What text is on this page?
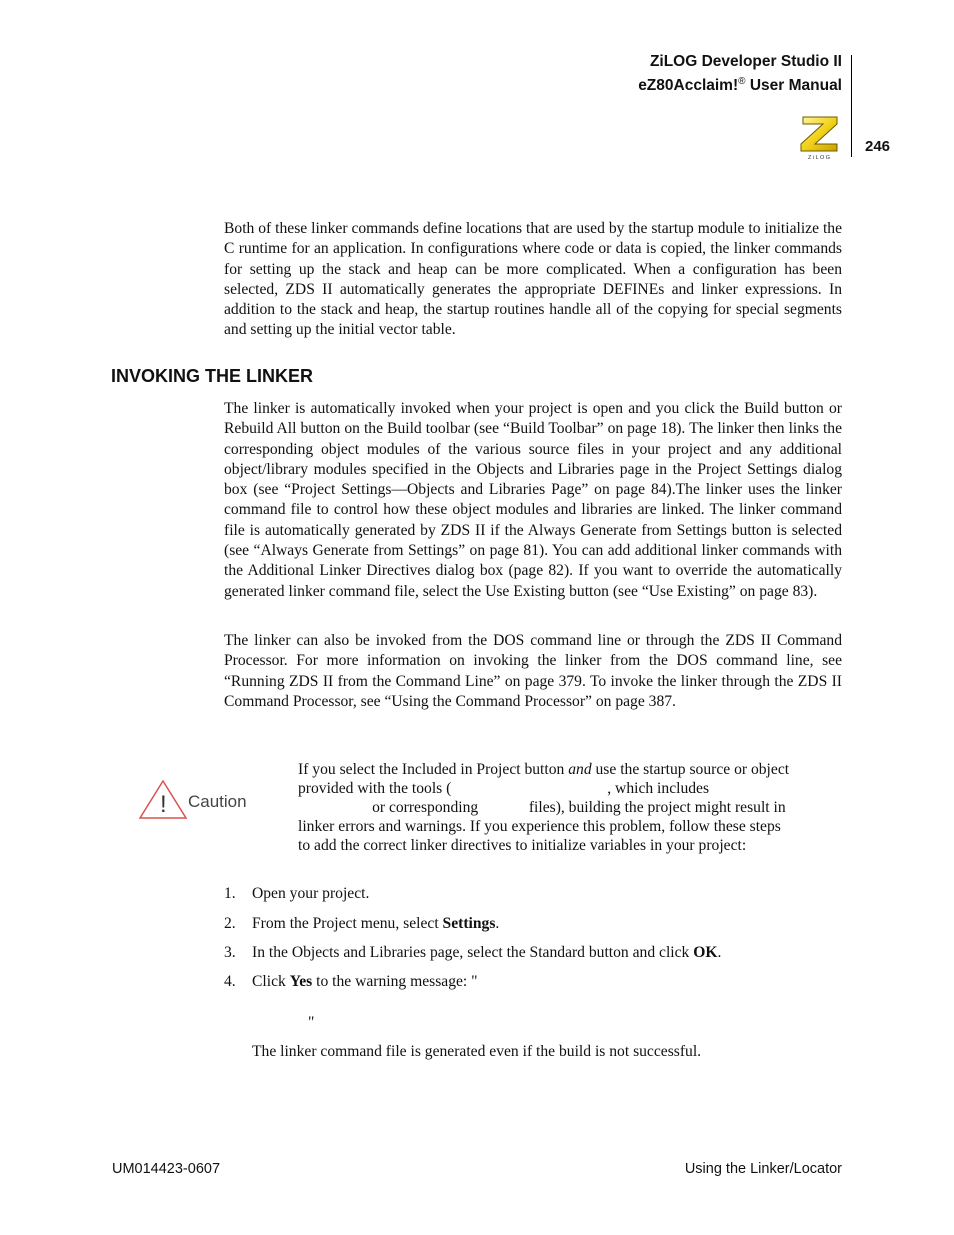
ZiLOG Developer Studio II
eZ80Acclaim!® User Manual
246
Z i L O G
Both of these linker commands define locations that are used by the startup module to initialize the C runtime for an application. In configurations where code or data is copied, the linker commands for setting up the stack and heap can be more complicated. When a configuration has been selected, ZDS II automatically generates the appropriate DEFINEs and linker expressions. In addition to the stack and heap, the startup routines handle all of the copying for special segments and setting up the initial vector table.
INVOKING THE LINKER
The linker is automatically invoked when your project is open and you click the Build button or Rebuild All button on the Build toolbar (see “Build Toolbar” on page 18). The linker then links the corresponding object modules of the various source files in your project and any additional object/library modules specified in the Objects and Libraries page in the Project Settings dialog box (see “Project Settings—Objects and Libraries Page” on page 84).The linker uses the linker command file to control how these object modules and libraries are linked. The linker command file is automatically generated by ZDS II if the Always Generate from Settings button is selected (see “Always Generate from Settings” on page 81). You can add additional linker commands with the Additional Linker Directives dialog box (page 82). If you want to override the automatically generated linker command file, select the Use Existing button (see “Use Existing” on page 83).
The linker can also be invoked from the DOS command line or through the ZDS II Command Processor. For more information on invoking the linker from the DOS command line, see “Running ZDS II from the Command Line” on page 379. To invoke the linker through the ZDS II Command Processor, see “Using the Command Processor” on page 387.
! Caution
If you select the Included in Project button and use the startup source or object
provided with the tools (                                        , which includes
or corresponding             files), building the project might result in
linker errors and warnings. If you experience this problem, follow these steps
to add the correct linker directives to initialize variables in your project:
1. Open your project.
2. From the Project menu, select Settings.
3. In the Objects and Libraries page, select the Standard button and click OK.
4. Click Yes to the warning message: "
"
The linker command file is generated even if the build is not successful.
UM014423-0607	Using the Linker/Locator
